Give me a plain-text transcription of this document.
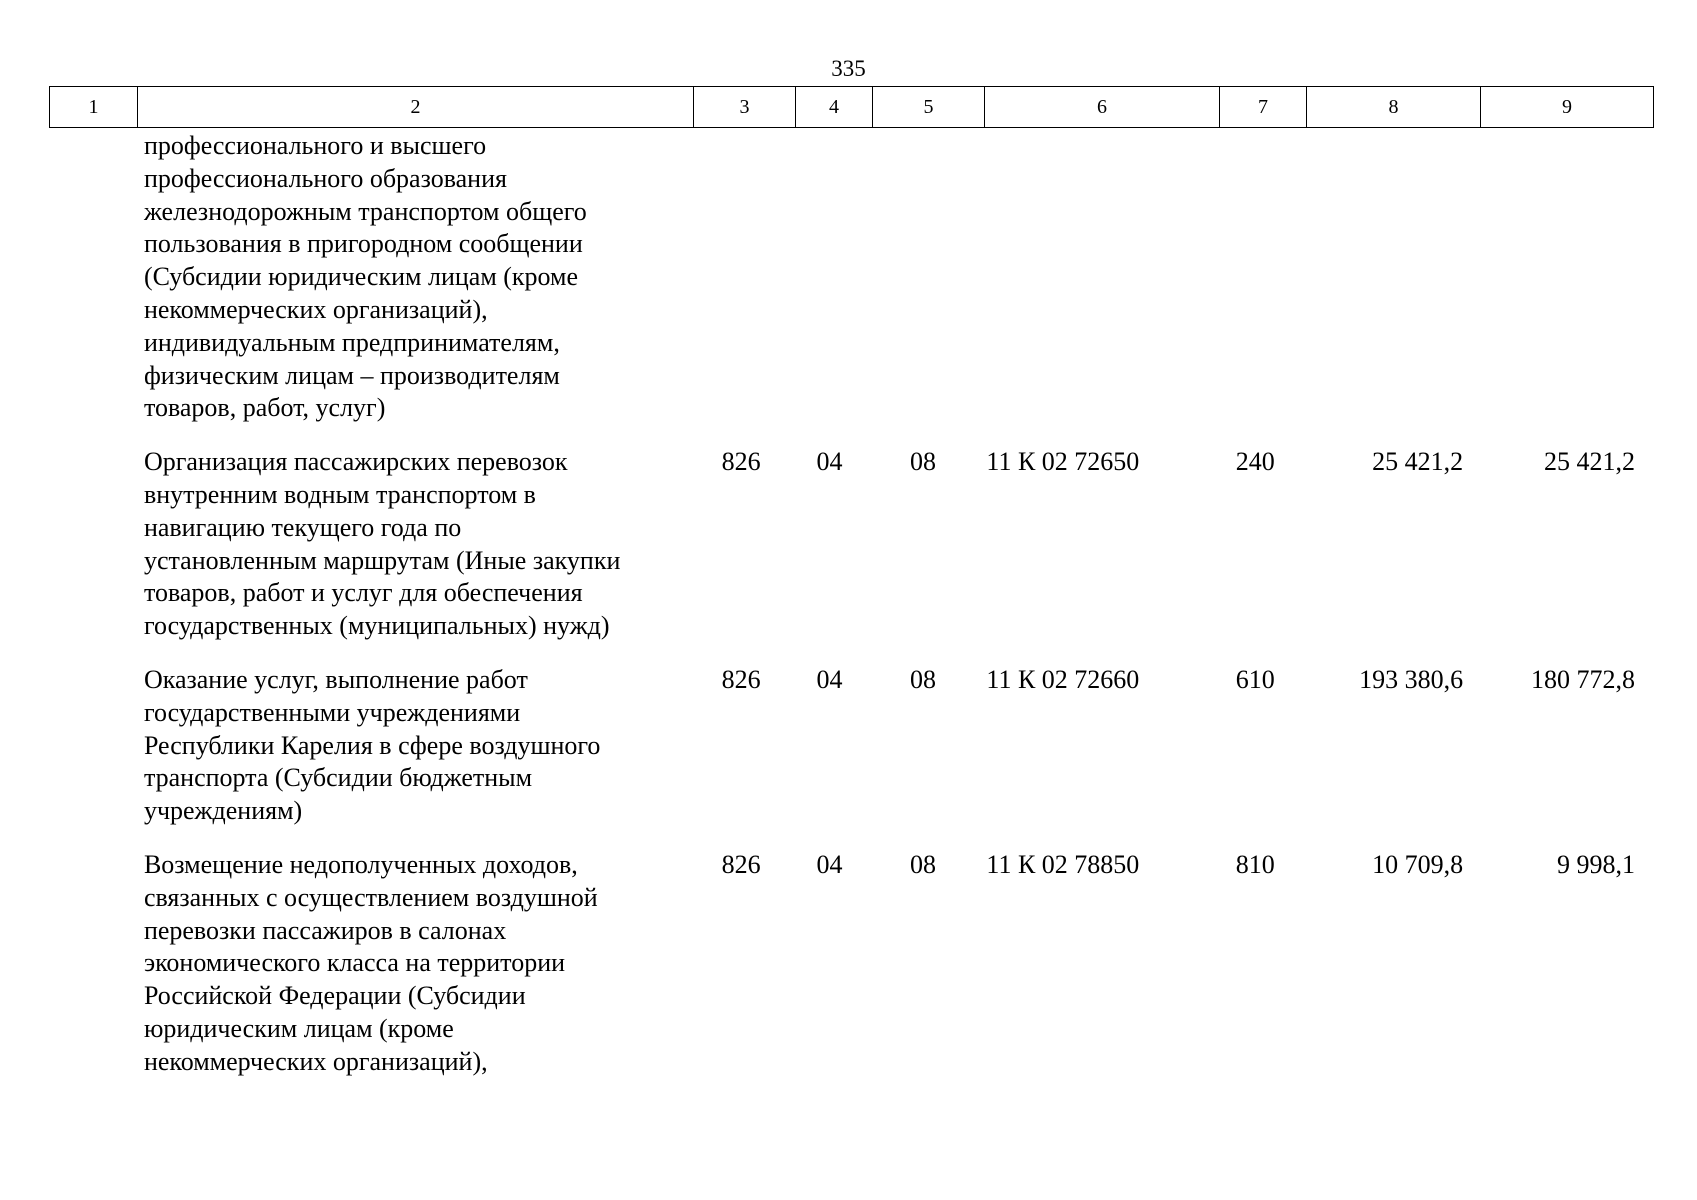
335
1	2	3	4	5	6	7	8	9
профессионального и высшего
профессионального образования
железнодорожным транспортом общего
пользования в пригородном сообщении
(Субсидии юридическим лицам (кроме
некоммерческих организаций),
индивидуальным предпринимателям,
физическим лицам – производителям
товаров, работ, услуг)
Организация пассажирских перевозок
внутренним водным транспортом в
навигацию текущего года по
установленным маршрутам (Иные закупки
товаров, работ и услуг для обеспечения
государственных (муниципальных) нужд)
826	04	08	11 К 02 72650	240	25 421,2	25 421,2
Оказание услуг, выполнение работ
государственными учреждениями
Республики Карелия в сфере воздушного
транспорта (Субсидии бюджетным
учреждениям)
826	04	08	11 К 02 72660	610	193 380,6	180 772,8
Возмещение недополученных доходов,
связанных с осуществлением воздушной
перевозки пассажиров в салонах
экономического класса на территории
Российской Федерации (Субсидии
юридическим лицам (кроме
некоммерческих организаций),
826	04	08	11 К 02 78850	810	10 709,8	9 998,1
